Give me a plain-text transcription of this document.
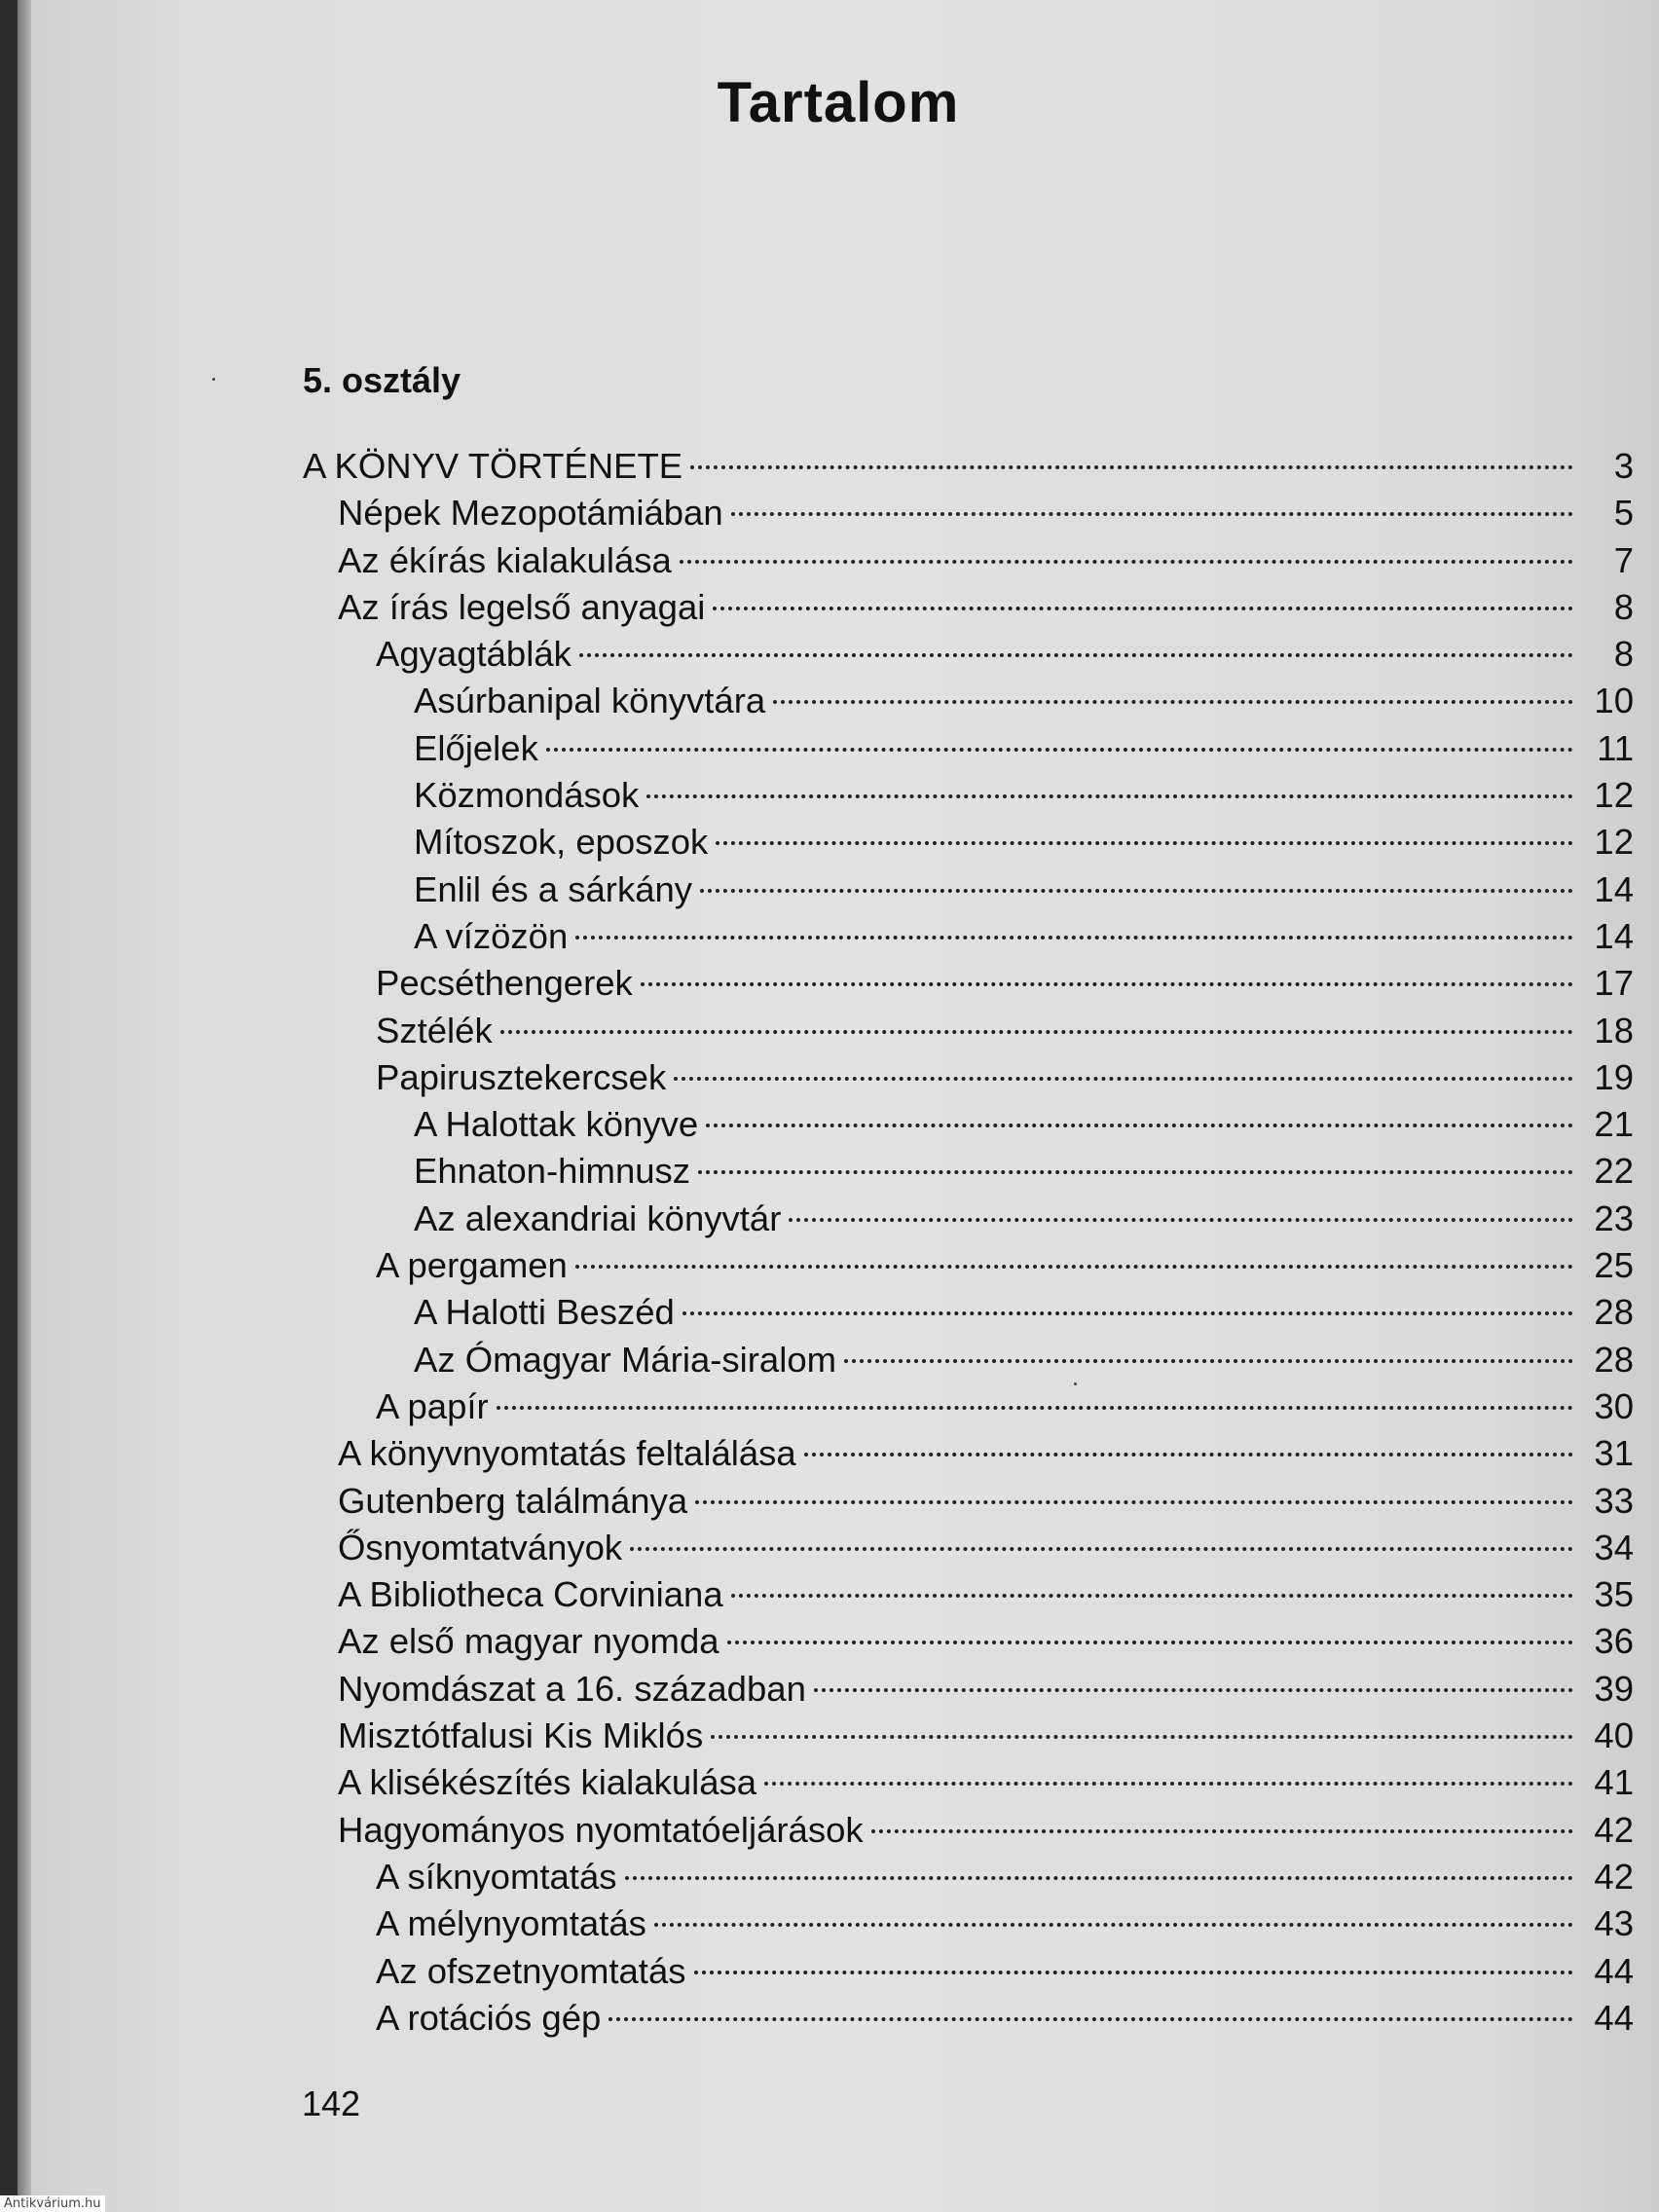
Tartalom
5. osztály
A KÖNYV TÖRTÉNETE	3
Népek Mezopotámiában	5
Az ékírás kialakulása	7
Az írás legelső anyagai	8
Agyagtáblák	8
Asúrbanipal könyvtára	10
Előjelek	11
Közmondások	12
Mítoszok, eposzok	12
Enlil és a sárkány	14
A vízözön	14
Pecséthengerek	17
Sztélék	18
Papirusztekercsek	19
A Halottak könyve	21
Ehnaton-himnusz	22
Az alexandriai könyvtár	23
A pergamen	25
A Halotti Beszéd	28
Az Ómagyar Mária-siralom	28
A papír	30
A könyvnyomtatás feltalálása	31
Gutenberg találmánya	33
Ősnyomtatványok	34
A Bibliotheca Corviniana	35
Az első magyar nyomda	36
Nyomdászat a 16. században	39
Misztótfalusi Kis Miklós	40
A klisékészítés kialakulása	41
Hagyományos nyomtatóeljárások	42
A síknyomtatás	42
A mélynyomtatás	43
Az ofszetnyomtatás	44
A rotációs gép	44
142
Antikvárium.hu
